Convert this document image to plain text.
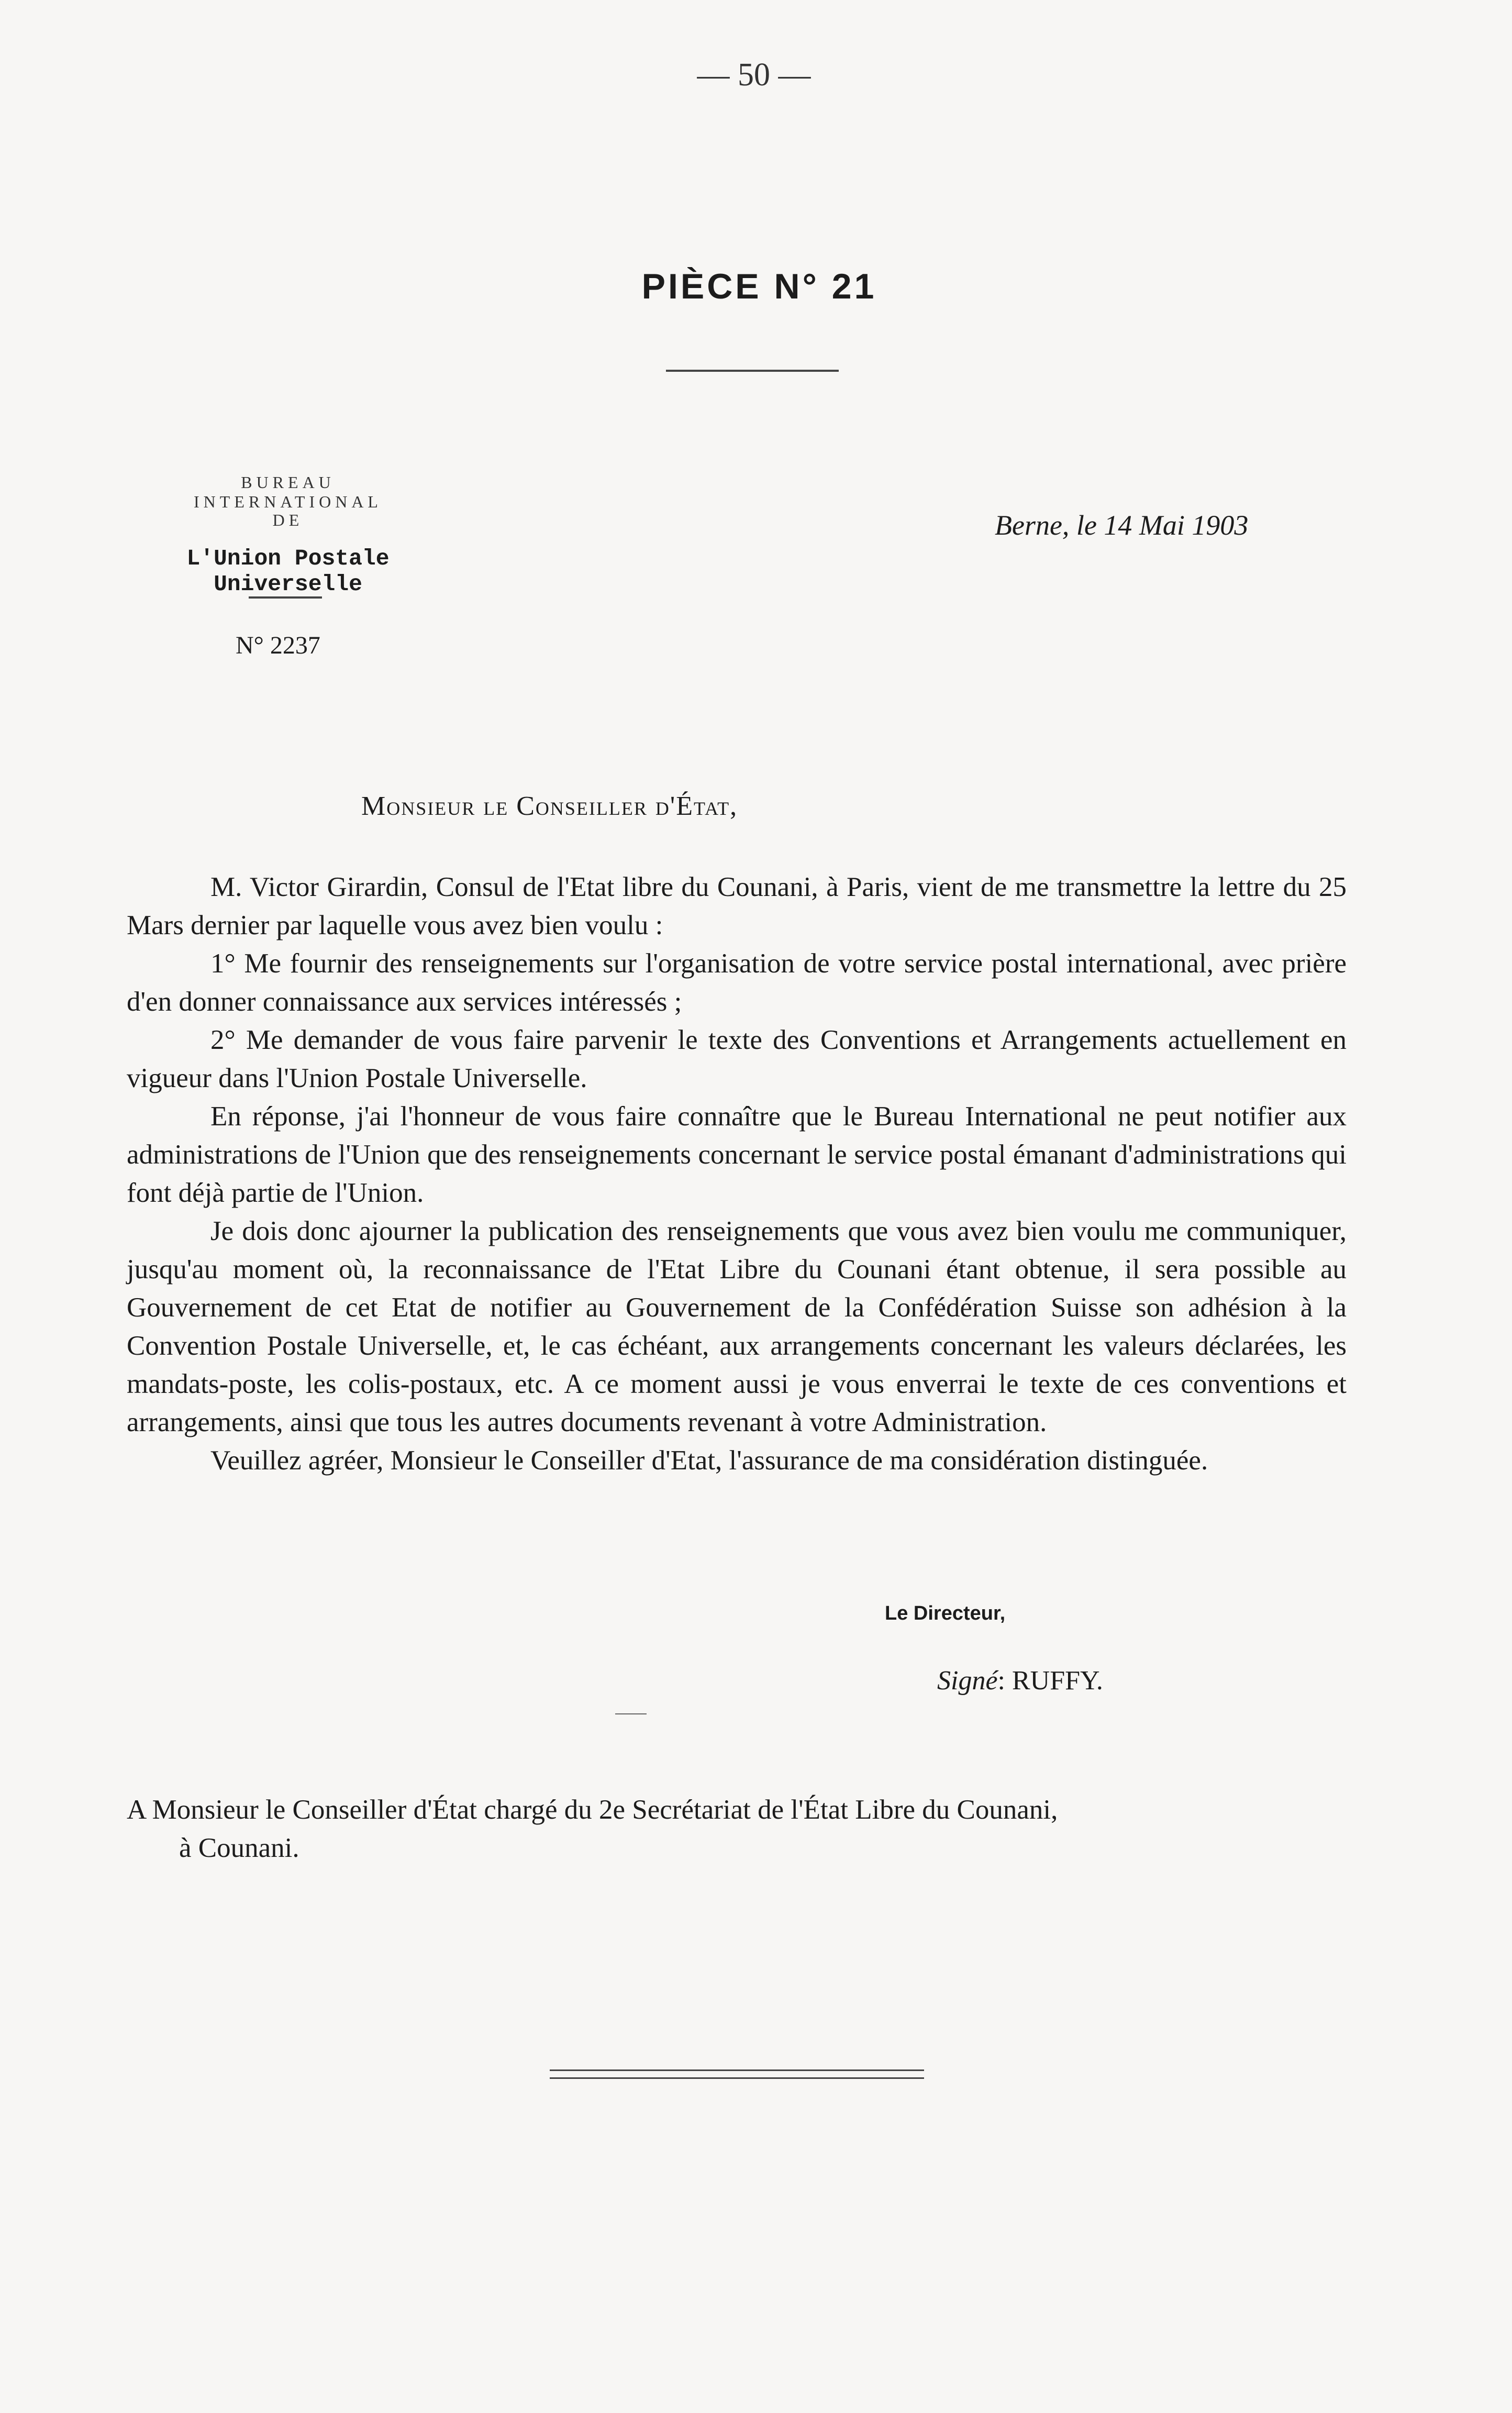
— 50 —
PIÈCE N° 21
BUREAU INTERNATIONAL
DE
L'Union Postale Universelle
N° 2237
Berne, le 14 Mai 1903
Monsieur le Conseiller d'État,

M. Victor Girardin, Consul de l'Etat libre du Counani, à Paris, vient de me transmettre la lettre du 25 Mars dernier par laquelle vous avez bien voulu :

1° Me fournir des renseignements sur l'organisation de votre service postal international, avec prière d'en donner connaissance aux services intéressés ;

2° Me demander de vous faire parvenir le texte des Conventions et Arrangements actuellement en vigueur dans l'Union Postale Universelle.

En réponse, j'ai l'honneur de vous faire connaître que le Bureau International ne peut notifier aux administrations de l'Union que des renseignements concernant le service postal émanant d'administrations qui font déjà partie de l'Union.

Je dois donc ajourner la publication des renseignements que vous avez bien voulu me communiquer, jusqu'au moment où, la reconnaissance de l'Etat Libre du Counani étant obtenue, il sera possible au Gouvernement de cet Etat de notifier au Gouvernement de la Confédération Suisse son adhésion à la Convention Postale Universelle, et, le cas échéant, aux arrangements concernant les valeurs déclarées, les mandats-poste, les colis-postaux, etc. A ce moment aussi je vous enverrai le texte de ces conventions et arrangements, ainsi que tous les autres documents revenant à votre Administration.

Veuillez agréer, Monsieur le Conseiller d'Etat, l'assurance de ma considération distinguée.

Le Directeur,
Signé: RUFFY.
A Monsieur le Conseiller d'État chargé du 2e Secrétariat de l'État Libre du Counani,
à Counani.
